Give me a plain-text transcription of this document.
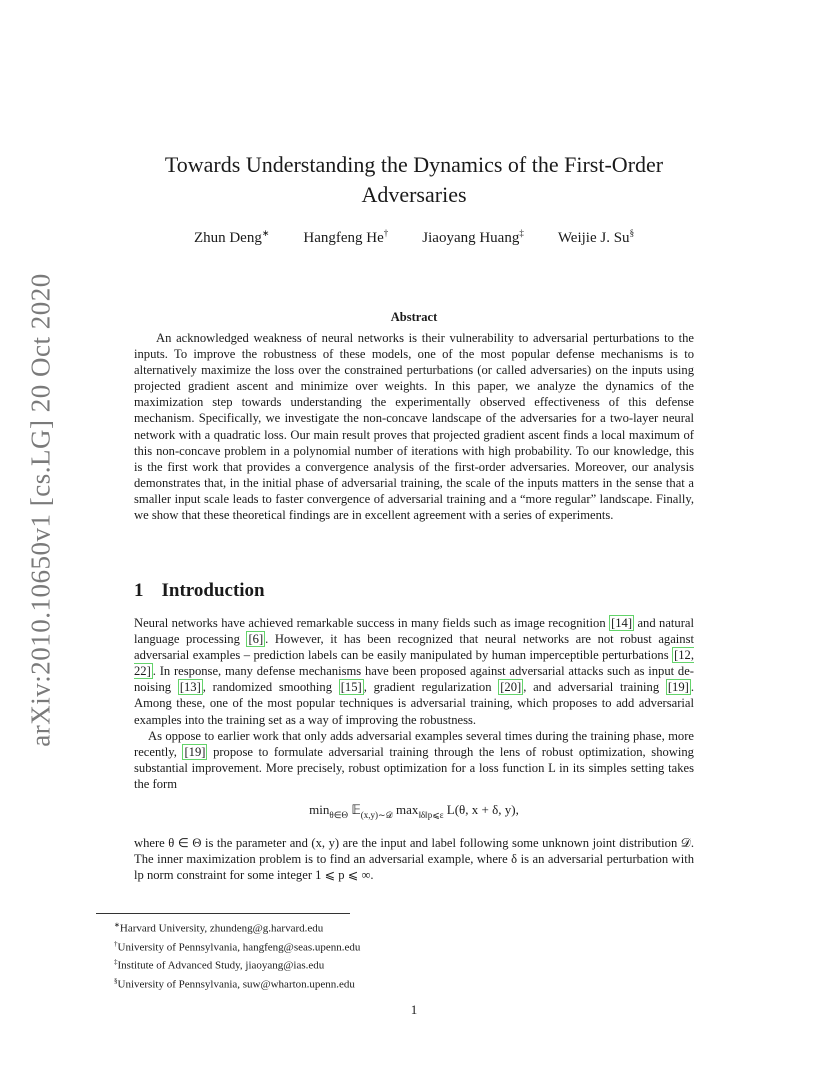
arXiv:2010.10650v1 [cs.LG] 20 Oct 2020
Towards Understanding the Dynamics of the First-Order Adversaries
Zhun Deng∗ Hangfeng He† Jiaoyang Huang‡ Weijie J. Su§
Abstract

An acknowledged weakness of neural networks is their vulnerability to adversarial perturbations to the inputs. To improve the robustness of these models, one of the most popular defense mechanisms is to alternatively maximize the loss over the constrained perturbations (or called adversaries) on the inputs using projected gradient ascent and minimize over weights. In this paper, we analyze the dynamics of the maximization step towards understanding the experimentally observed effectiveness of this defense mechanism. Specifically, we investigate the non-concave landscape of the adversaries for a two-layer neural network with a quadratic loss. Our main result proves that projected gradient ascent finds a local maximum of this non-concave problem in a polynomial number of iterations with high probability. To our knowledge, this is the first work that provides a convergence analysis of the first-order adversaries. Moreover, our analysis demonstrates that, in the initial phase of adversarial training, the scale of the inputs matters in the sense that a smaller input scale leads to faster convergence of adversarial training and a “more regular” landscape. Finally, we show that these theoretical findings are in excellent agreement with a series of experiments.

1 Introduction

Neural networks have achieved remarkable success in many fields such as image recognition [14] and natural language processing [6] . However, it has been recognized that neural networks are not robust against adversarial examples – prediction labels can be easily manipulated by human imperceptible perturbations [12, 22] . In response, many defense mechanisms have been proposed against adversarial attacks such as input de-noising [13] , randomized smoothing [15] , gradient regularization [20] , and adversarial training [19] . Among these, one of the most popular techniques is adversarial training, which proposes to add adversarial examples into the training set as a way of improving the robustness.

As oppose to earlier work that only adds adversarial examples several times during the training phase, more recently, [19] propose to formulate adversarial training through the lens of robust optimization, showing substantial improvement. More precisely, robust optimization for a loss function L in its simples setting takes the form

$\min_{\theta\in\Theta}$ 𝔼$_{(x,y)\sim 𝒟}$ $\max_{‖\delta‖p⩽\varepsilon} L(\theta$, x + δ, y),

where θ ∈ Θ is the parameter and (x, y) are the input and label following some unknown joint distribution 𝒟. The inner maximization problem is to find an adversarial example, where δ is an adversarial perturbation with lp norm constraint for some integer 1 ⩽ p ⩽ ∞.

∗Harvard University, zhundeng@g.harvard.edu
†University of Pennsylvania, hangfeng@seas.upenn.edu
‡Institute of Advanced Study, jiaoyang@ias.edu
§University of Pennsylvania, suw@wharton.upenn.edu
1
